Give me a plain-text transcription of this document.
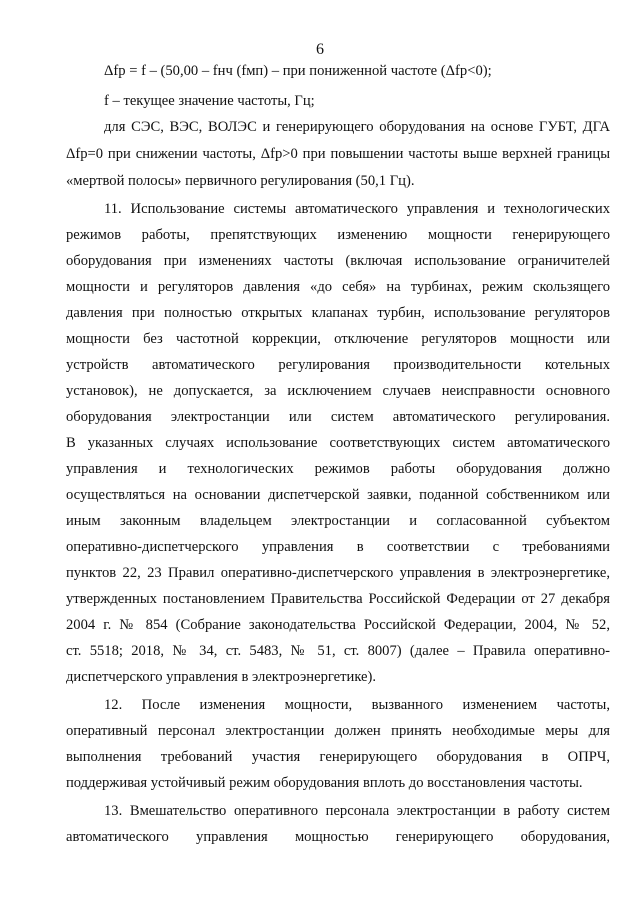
6
Δfр = f – (50,00 – fнч (fмп) – при пониженной частоте (Δfр<0);
f – текущее значение частоты, Гц;
для СЭС, ВЭС, ВОЛЭС и генерирующего оборудования на основе ГУБТ, ДГА
Δfр=0 при снижении частоты, Δfр>0 при повышении частоты выше верхней границы
«мертвой полосы» первичного регулирования (50,1 Гц).
11. Использование системы автоматического управления и технологических
режимов работы, препятствующих изменению мощности генерирующего
оборудования при изменениях частоты (включая использование ограничителей
мощности и регуляторов давления «до себя» на турбинах, режим скользящего
давления при полностью открытых клапанах турбин, использование регуляторов
мощности без частотной коррекции, отключение регуляторов мощности или
устройств автоматического регулирования производительности котельных
установок), не допускается, за исключением случаев неисправности основного
оборудования электростанции или систем автоматического регулирования.
В указанных случаях использование соответствующих систем автоматического
управления и технологических режимов работы оборудования должно
осуществляться на основании диспетчерской заявки, поданной собственником или
иным законным владельцем электростанции и согласованной субъектом
оперативно-диспетчерского управления в соответствии с требованиями
пунктов 22, 23 Правил оперативно-диспетчерского управления в электроэнергетике,
утвержденных постановлением Правительства Российской Федерации от 27 декабря
2004 г. № 854 (Собрание законодательства Российской Федерации, 2004, № 52,
ст. 5518; 2018, № 34, ст. 5483, № 51, ст. 8007) (далее – Правила оперативно-
диспетчерского управления в электроэнергетике).
12. После изменения мощности, вызванного изменением частоты,
оперативный персонал электростанции должен принять необходимые меры для
выполнения требований участия генерирующего оборудования в ОПРЧ,
поддерживая устойчивый режим оборудования вплоть до восстановления частоты.
13. Вмешательство оперативного персонала электростанции в работу систем
автоматического управления мощностью генерирующего оборудования,
